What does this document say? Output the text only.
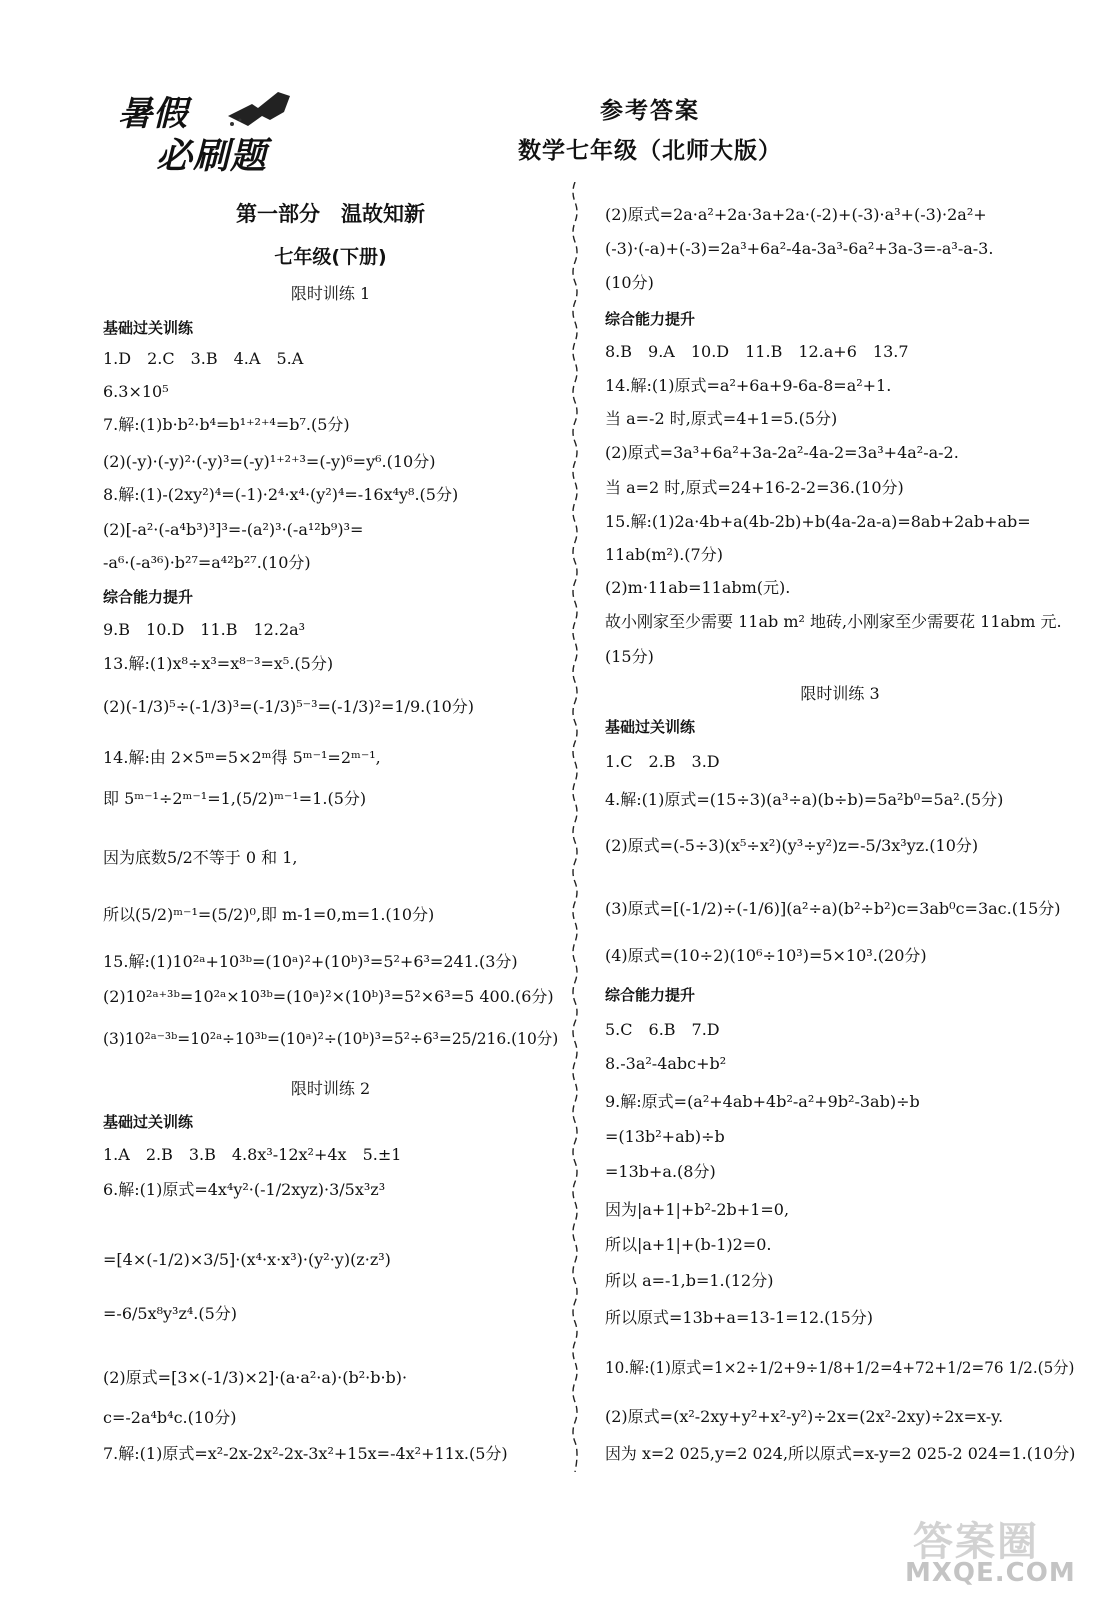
暑假
必刷题
参考答案
数学七年级（北师大版）
第一部分　温故知新
七年级(下册)
限时训练 1
基础过关训练
1.D　2.C　3.B　4.A　5.A
6.3×10⁵
7.解:(1)b·b²·b⁴=b¹⁺²⁺⁴=b⁷.(5分)
(2)(-y)·(-y)²·(-y)³=(-y)¹⁺²⁺³=(-y)⁶=y⁶.(10分)
8.解:(1)-(2xy²)⁴=(-1)·2⁴·x⁴·(y²)⁴=-16x⁴y⁸.(5分)
(2)[-a²·(-a⁴b³)³]³=-(a²)³·(-a¹²b⁹)³=
-a⁶·(-a³⁶)·b²⁷=a⁴²b²⁷.(10分)
综合能力提升
9.B　10.D　11.B　12.2a³
13.解:(1)x⁸÷x³=x⁸⁻³=x⁵.(5分)
(2)(-1/3)⁵÷(-1/3)³=(-1/3)⁵⁻³=(-1/3)²=1/9.(10分)
14.解:由 2×5ᵐ=5×2ᵐ得 5ᵐ⁻¹=2ᵐ⁻¹,
即 5ᵐ⁻¹÷2ᵐ⁻¹=1,(5/2)ᵐ⁻¹=1.(5分)
因为底数5/2不等于 0 和 1,
所以(5/2)ᵐ⁻¹=(5/2)⁰,即 m-1=0,m=1.(10分)
15.解:(1)10²ᵃ+10³ᵇ=(10ᵃ)²+(10ᵇ)³=5²+6³=241.(3分)
(2)10²ᵃ⁺³ᵇ=10²ᵃ×10³ᵇ=(10ᵃ)²×(10ᵇ)³=5²×6³=5 400.(6分)
(3)10²ᵃ⁻³ᵇ=10²ᵃ÷10³ᵇ=(10ᵃ)²÷(10ᵇ)³=5²÷6³=25/216.(10分)
限时训练 2
基础过关训练
1.A　2.B　3.B　4.8x³-12x²+4x　5.±1
6.解:(1)原式=4x⁴y²·(-1/2xyz)·3/5x³z³
=[4×(-1/2)×3/5]·(x⁴·x·x³)·(y²·y)(z·z³)
=-6/5x⁸y³z⁴.(5分)
(2)原式=[3×(-1/3)×2]·(a·a²·a)·(b²·b·b)·
c=-2a⁴b⁴c.(10分)
7.解:(1)原式=x²-2x-2x²-2x-3x²+15x=-4x²+11x.(5分)
(2)原式=2a·a²+2a·3a+2a·(-2)+(-3)·a³+(-3)·2a²+
(-3)·(-a)+(-3)=2a³+6a²-4a-3a³-6a²+3a-3=-a³-a-3.
(10分)
综合能力提升
8.B　9.A　10.D　11.B　12.a+6　13.7
14.解:(1)原式=a²+6a+9-6a-8=a²+1.
当 a=-2 时,原式=4+1=5.(5分)
(2)原式=3a³+6a²+3a-2a²-4a-2=3a³+4a²-a-2.
当 a=2 时,原式=24+16-2-2=36.(10分)
15.解:(1)2a·4b+a(4b-2b)+b(4a-2a-a)=8ab+2ab+ab=
11ab(m²).(7分)
(2)m·11ab=11abm(元).
故小刚家至少需要 11ab m² 地砖,小刚家至少需要花 11abm 元.
(15分)
限时训练 3
基础过关训练
1.C　2.B　3.D
4.解:(1)原式=(15÷3)(a³÷a)(b÷b)=5a²b⁰=5a².(5分)
(2)原式=(-5÷3)(x⁵÷x²)(y³÷y²)z=-5/3x³yz.(10分)
(3)原式=[(-1/2)÷(-1/6)](a²÷a)(b²÷b²)c=3ab⁰c=3ac.(15分)
(4)原式=(10÷2)(10⁶÷10³)=5×10³.(20分)
综合能力提升
5.C　6.B　7.D
8.-3a²-4abc+b²
9.解:原式=(a²+4ab+4b²-a²+9b²-3ab)÷b
=(13b²+ab)÷b
=13b+a.(8分)
因为|a+1|+b²-2b+1=0,
所以|a+1|+(b-1)2=0.
所以 a=-1,b=1.(12分)
所以原式=13b+a=13-1=12.(15分)
10.解:(1)原式=1×2÷1/2+9÷1/8+1/2=4+72+1/2=76 1/2.(5分)
(2)原式=(x²-2xy+y²+x²-y²)÷2x=(2x²-2xy)÷2x=x-y.
因为 x=2 025,y=2 024,所以原式=x-y=2 025-2 024=1.(10分)
答案圈
MXQE.COM
